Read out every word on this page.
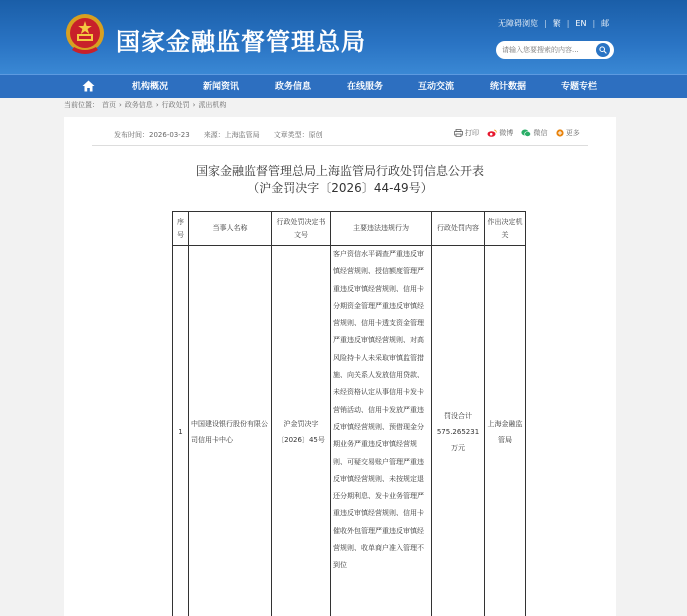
国家金融监督管理总局
无障碍浏览 | 繁 | EN | 邮
请输入您要搜索的内容...
机构概况	新闻资讯	政务信息	在线服务	互动交流	统计数据	专题专栏
当前位置： 首页 › 政务信息 › 行政处罚 › 派出机构
发布时间：2026-03-23 来源：上海监管局 文章类型：原创	打印	微博	微信	更多
国家金融监督管理总局上海监管局行政处罚信息公开表
（沪金罚决字〔2026〕44-49号）
序号	当事人名称	行政处罚决定书文号	主要违法违规行为	行政处罚内容	作出决定机关
1	中国建设银行股份有限公司信用卡中心	沪金罚决字〔2026〕45号	客户资信水平调查严重违反审慎经营规则、授信额度管理严重违反审慎经营规则、信用卡分期资金管理严重违反审慎经营规则、信用卡透支资金管理严重违反审慎经营规则、对高风险持卡人未采取审慎监管措施、向关系人发放信用贷款、未经资格认定从事信用卡发卡营销活动、信用卡发放严重违反审慎经营规则、预借现金分期业务严重违反审慎经营规则、可疑交易账户管理严重违反审慎经营规则、未按规定退还分期利息、发卡业务管理严重违反审慎经营规则、信用卡催收外包管理严重违反审慎经营规则、收单商户准入管理不到位	罚没合计575.265231万元	上海金融监管局
